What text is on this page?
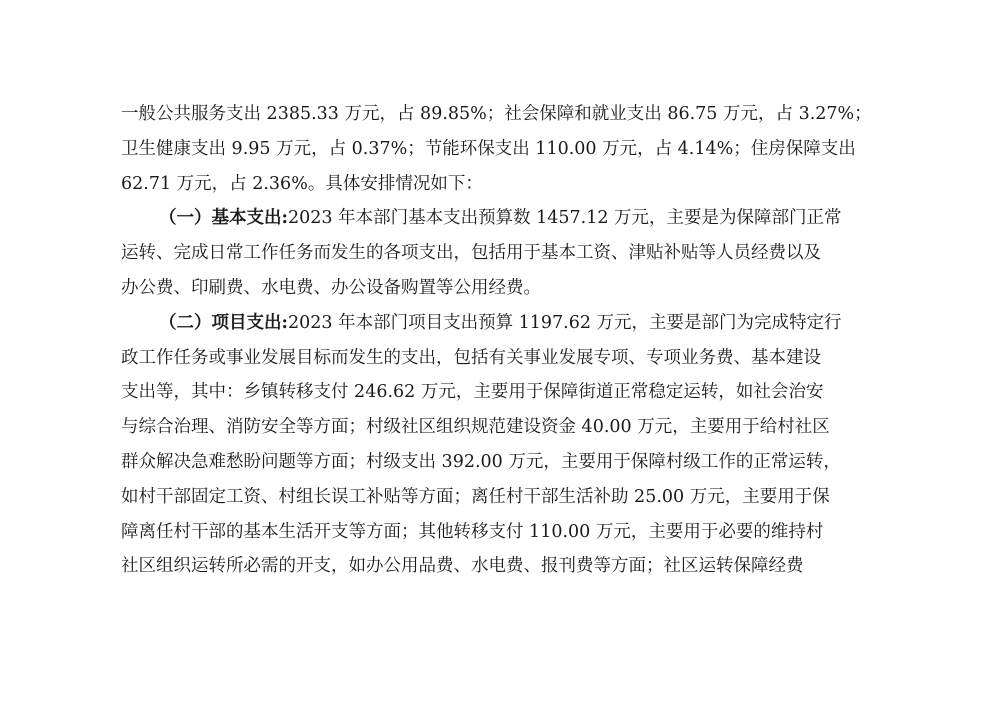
一般公共服务支出 2385.33 万元，占 89.85%；社会保障和就业支出 86.75 万元，占 3.27%；
卫生健康支出 9.95 万元，占 0.37%；节能环保支出 110.00 万元，占 4.14%；住房保障支出
62.71 万元，占 2.36%。具体安排情况如下：
（一）基本支出:2023 年本部门基本支出预算数 1457.12 万元，主要是为保障部门正常
运转、完成日常工作任务而发生的各项支出，包括用于基本工资、津贴补贴等人员经费以及
办公费、印刷费、水电费、办公设备购置等公用经费。
（二）项目支出:2023 年本部门项目支出预算 1197.62 万元，主要是部门为完成特定行
政工作任务或事业发展目标而发生的支出，包括有关事业发展专项、专项业务费、基本建设
支出等，其中：乡镇转移支付 246.62 万元，主要用于保障街道正常稳定运转，如社会治安
与综合治理、消防安全等方面；村级社区组织规范建设资金 40.00 万元，主要用于给村社区
群众解决急难愁盼问题等方面；村级支出 392.00 万元，主要用于保障村级工作的正常运转，
如村干部固定工资、村组长误工补贴等方面；离任村干部生活补助 25.00 万元，主要用于保
障离任村干部的基本生活开支等方面；其他转移支付 110.00 万元，主要用于必要的维持村
社区组织运转所必需的开支，如办公用品费、水电费、报刊费等方面；社区运转保障经费
